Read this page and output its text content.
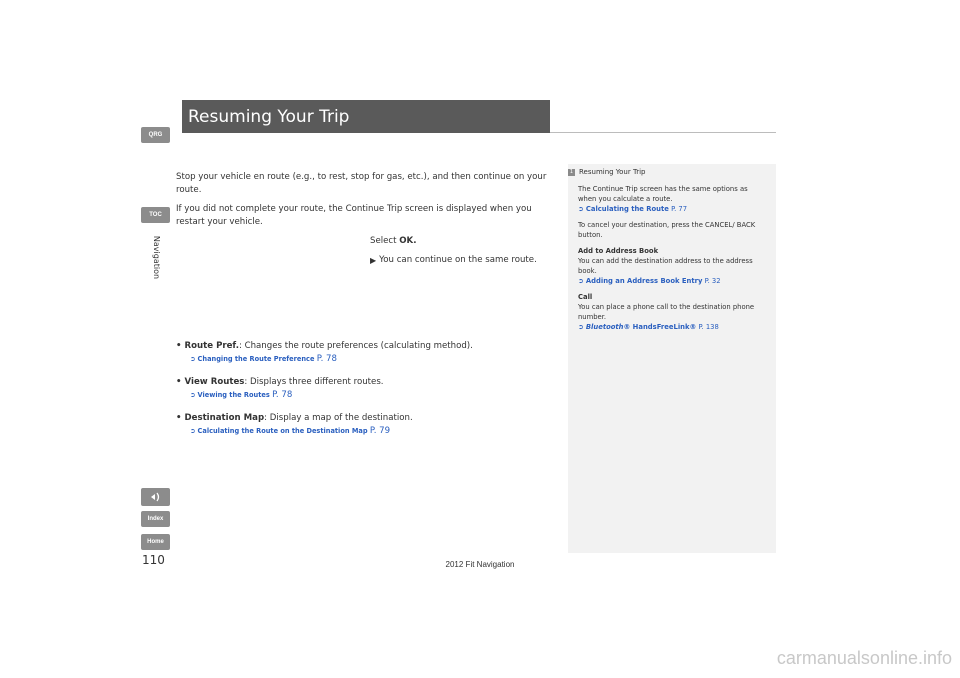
QRG
TOC
Navigation
Resuming Your Trip

Stop your vehicle en route (e.g., to rest, stop for gas, etc.), and then continue on your route.

If you did not complete your route, the Continue Trip screen is displayed when you restart your vehicle.

Select OK.
▶ You can continue on the same route.
• Route Pref.: Changes the route preferences (calculating method).
➲ Changing the Route Preference P. 78
• View Routes: Displays three different routes.
➲ Viewing the Routes P. 78
• Destination Map: Display a map of the destination.
➲ Calculating the Route on the Destination Map P. 79
1 Resuming Your Trip

The Continue Trip screen has the same options as when you calculate a route.
➲ Calculating the Route P. 77

To cancel your destination, press the CANCEL/ BACK button.

Add to Address Book
You can add the destination address to the address book.
➲ Adding an Address Book Entry P. 32

Call
You can place a phone call to the destination phone number.
➲ Bluetooth® HandsFreeLink® P. 138

Index
Home
110	2012 Fit Navigation
carmanualsonline.info
